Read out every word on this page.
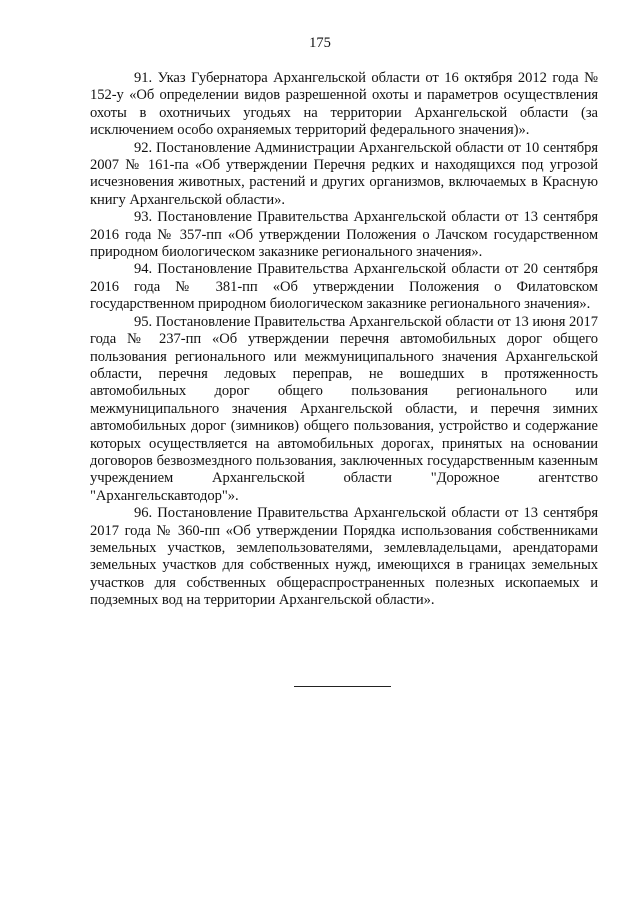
175

91. Указ Губернатора Архангельской области от 16 октября 2012 года № 152-у «Об определении видов разрешенной охоты и параметров осуществления охоты в охотничьих угодьях на территории Архангельской области (за исключением особо охраняемых территорий федерального значения)».

92. Постановление Администрации Архангельской области от 10 сентября 2007 № 161-па «Об утверждении Перечня редких и находящихся под угрозой исчезновения животных, растений и других организмов, включаемых в Красную книгу Архангельской области».

93. Постановление Правительства Архангельской области от 13 сентября 2016 года № 357-пп «Об утверждении Положения о Лачском государственном природном биологическом заказнике регионального значения».

94. Постановление Правительства Архангельской области от 20 сентября 2016 года № 381-пп «Об утверждении Положения о Филатовском государственном природном биологическом заказнике регионального значения».

95. Постановление Правительства Архангельской области от 13 июня 2017 года № 237-пп «Об утверждении перечня автомобильных дорог общего пользования регионального или межмуниципального значения Архангельской области, перечня ледовых переправ, не вошедших в протяженность автомобильных дорог общего пользования регионального или межмуниципального значения Архангельской области, и перечня зимних автомобильных дорог (зимников) общего пользования, устройство и содержание которых осуществляется на автомобильных дорогах, принятых на основании договоров безвозмездного пользования, заключенных государственным казенным учреждением Архангельской области "Дорожное агентство "Архангельскавтодор"».

96. Постановление Правительства Архангельской области от 13 сентября 2017 года № 360-пп «Об утверждении Порядка использования собственниками земельных участков, землепользователями, землевладельцами, арендаторами земельных участков для собственных нужд, имеющихся в границах земельных участков для собственных общераспространенных полезных ископаемых и подземных вод на территории Архангельской области».
